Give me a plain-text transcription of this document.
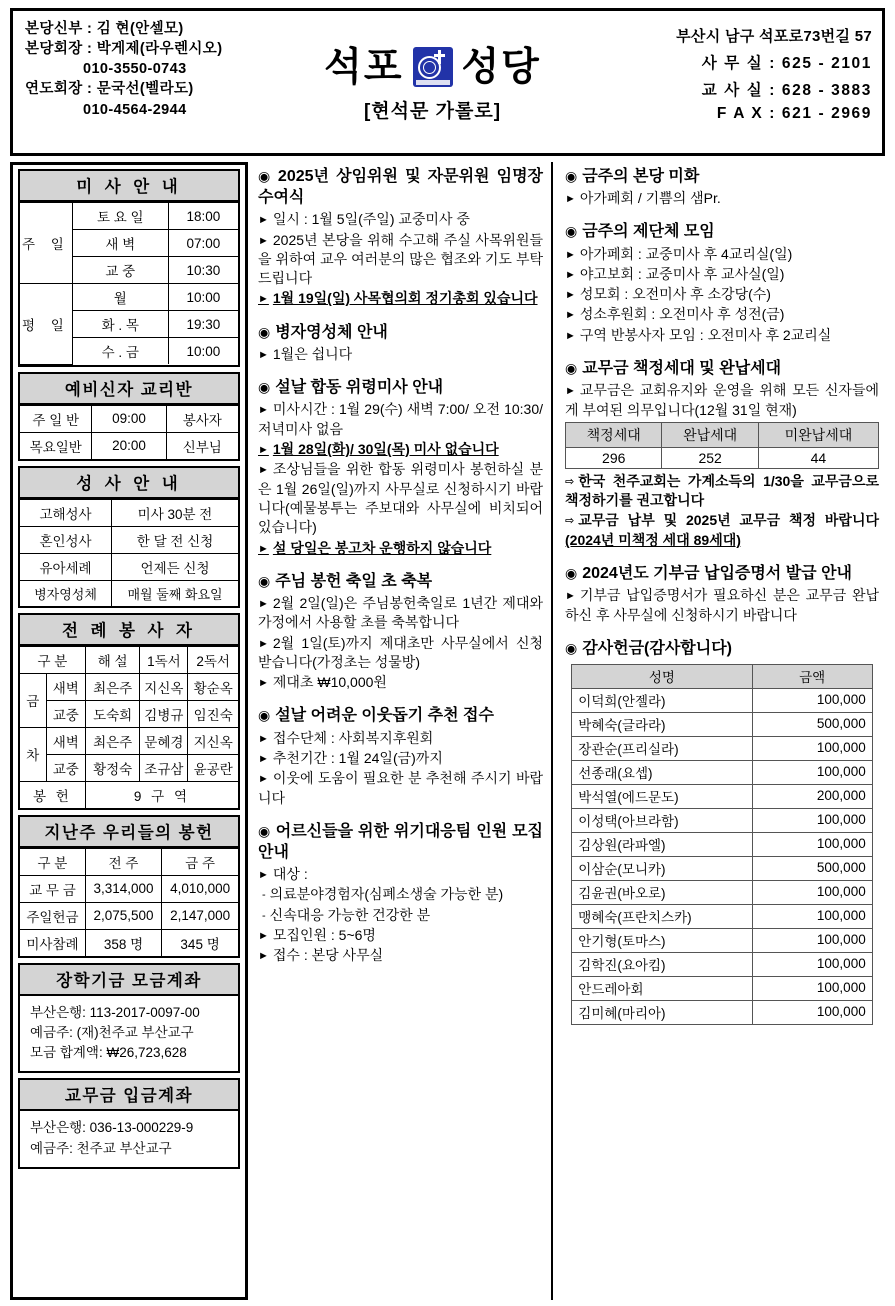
본당신부 : 김 현(안셀모)
본당회장 : 박게제(라우렌시오)
010-3550-0743
연도회장 : 문국선(벨라도)
010-4564-2944
석포 성당
[현석문 가롤로]
부산시 남구 석포로73번길 57
사 무 실 : 625 - 2101
교 사 실 : 628 - 3883
F A X : 621 - 2969
미 사 안 내
주 일	토 요 일	18:00
	새 벽	07:00
	교 중	10:30
평 일	월	10:00
	화 . 목	19:30
	수 . 금	10:00
예비신자 교리반
주 일 반	09:00	봉사자
목요일반	20:00	신부님
성 사 안 내
고해성사	미사 30분 전
혼인성사	한 달 전 신청
유아세례	언제든 신청
병자영성체	매월 둘째 화요일
전 례 봉 사 자
구 분		해 설	1독서	2독서
금	새벽	최은주	지신옥	황순옥
	교중	도숙희	김병규	임진숙
차	새벽	최은주	문혜경	지신옥
	교중	황정숙	조규삼	윤공란
봉 헌		9 구 역		
지난주 우리들의 봉헌
구 분	전 주	금 주
교 무 금	3,314,000	4,010,000
주일헌금	2,075,500	2,147,000
미사참례	358 명	345 명
장학기금 모금계좌
부산은행: 113-2017-0097-00
예금주: (재)천주교 부산교구
모금 합계액: ₩26,723,628
교무금 입금계좌
부산은행: 036-13-000229-9
예금주: 천주교 부산교구
◉ 2025년 상임위원 및 자문위원 임명장 수여식
► 일시 : 1월 5일(주일) 교중미사 중
► 2025년 본당을 위해 수고해 주실 사목위원들을 위하여 교우 여러분의 많은 협조와 기도 부탁 드립니다
► 1월 19일(일) 사목협의회 정기총회 있습니다
◉ 병자영성체 안내
► 1월은 쉽니다
◉ 설날 합동 위령미사 안내
► 미사시간 : 1월 29(수) 새벽 7:00/ 오전 10:30/ 저녁미사 없음
► 1월 28일(화)/ 30일(목) 미사 없습니다
► 조상님들을 위한 합동 위령미사 봉헌하실 분은 1월 26일(일)까지 사무실로 신청하시기 바랍니다(예물봉투는 주보대와 사무실에 비치되어 있습니다)
► 설 당일은 봉고차 운행하지 않습니다
◉ 주님 봉헌 축일 초 축복
► 2월 2일(일)은 주님봉헌축일로 1년간 제대와 가정에서 사용할 초를 축복합니다
► 2월 1일(토)까지 제대초만 사무실에서 신청 받습니다(가정초는 성물방)
► 제대초 ₩10,000원
◉ 설날 어려운 이웃돕기 추천 접수
► 접수단체 : 사회복지후원회
► 추천기간 : 1월 24일(금)까지
► 이웃에 도움이 필요한 분 추천해 주시기 바랍니다
◉ 어르신들을 위한 위기대응팀 인원 모집 안내
► 대상 :
- 의료분야경험자(심폐소생술 가능한 분)
- 신속대응 가능한 건강한 분
► 모집인원 : 5~6명
► 접수 : 본당 사무실
◉ 금주의 본당 미화
► 아가페회 / 기쁨의 샘Pr.
◉ 금주의 제단체 모임
► 아가페회 : 교중미사 후 4교리실(일)
► 야고보회 : 교중미사 후 교사실(일)
► 성모회 : 오전미사 후 소강당(수)
► 성소후원회 : 오전미사 후 성전(금)
► 구역 반봉사자 모임 : 오전미사 후 2교리실
◉ 교무금 책정세대 및 완납세대
► 교무금은 교회유지와 운영을 위해 모든 신자들에게 부여된 의무입니다(12월 31일 현재)
책정세대	완납세대	미완납세대
296	252	44
⇨ 한국 천주교회는 가계소득의 1/30을 교무금으로 책정하기를 권고합니다
⇨ 교무금 납부 및 2025년 교무금 책정 바랍니다(2024년 미책정 세대 89세대)
◉ 2024년도 기부금 납입증명서 발급 안내
► 기부금 납입증명서가 필요하신 분은 교무금 완납하신 후 사무실에 신청하시기 바랍니다
◉ 감사헌금(감사합니다)
성명	금액
이덕희(안젤라)	100,000
박혜숙(글라라)	500,000
장관순(프리실라)	100,000
선종래(요셉)	100,000
박석열(에드문도)	200,000
이성택(아브라함)	100,000
김상원(라파엘)	100,000
이삼순(모니카)	500,000
김윤권(바오로)	100,000
맹혜숙(프란치스카)	100,000
안기형(토마스)	100,000
김학진(요아킴)	100,000
안드레아회	100,000
김미혜(마리아)	100,000
